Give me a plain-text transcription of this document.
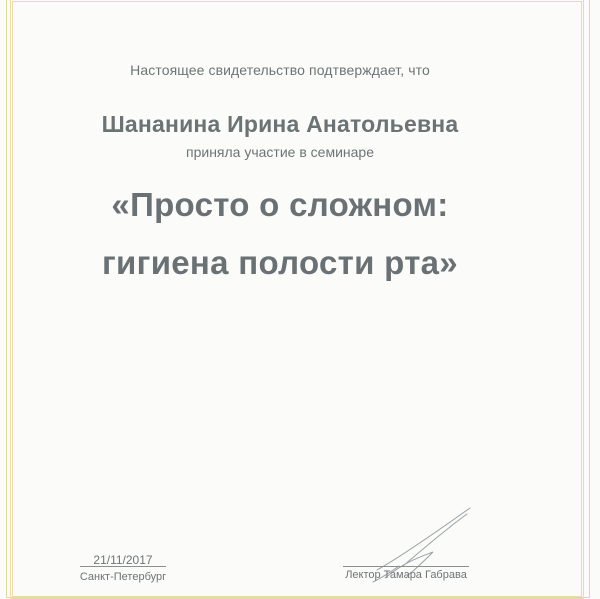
Настоящее свидетельство подтверждает, что
Шананина Ирина Анатольевна
приняла участие в семинаре
«Просто о сложном:
гигиена полости рта»
21/11/2017
Санкт-Петербург	Лектор Тамара Габрава
